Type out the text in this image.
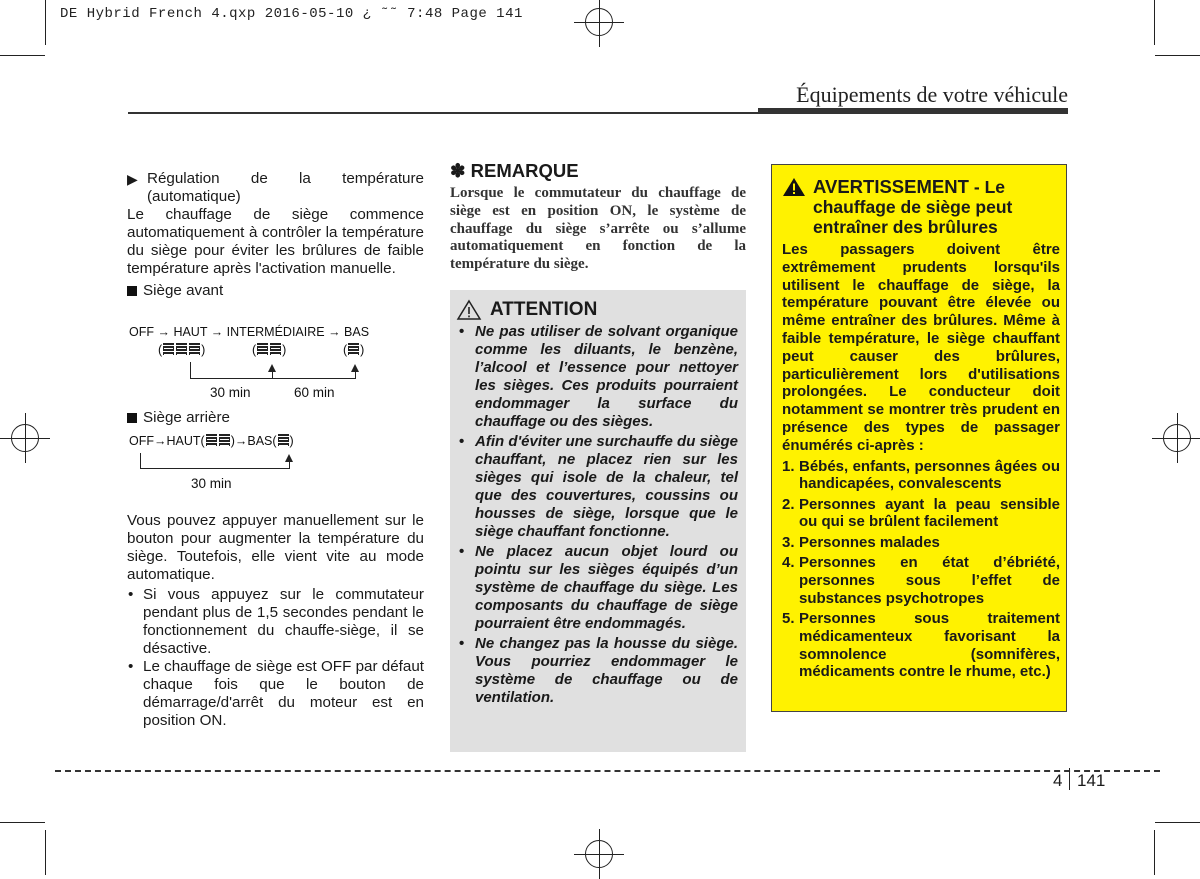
DE Hybrid French 4.qxp 2016-05-10 ¿ ˜˜ 7:48 Page 141
Équipements de votre véhicule
▶ Régulation de la température (automatique)

Le chauffage de siège commence automatiquement à contrôler la température du siège pour éviter les brûlures de faible température après l'activation manuelle.

Siège avant
OFF → HAUT → INTERMÉDIAIRE → BAS
(	)	( )	( )
30 min	60 min
Siège arrière
OFF→HAUT( )→BAS( )
30 min

Vous pouvez appuyer manuellement sur le bouton pour augmenter la température du siège. Toutefois, elle vient vite au mode automatique.

• Si vous appuyez sur le commutateur pendant plus de 1,5 secondes pendant le fonctionnement du chauffe-siège, il se désactive.
• Le chauffage de siège est OFF par défaut chaque fois que le bouton de démarrage/d'arrêt du moteur est en position ON.
✽ REMARQUE

Lorsque le commutateur du chauffage de siège est en position ON, le système de chauffage du siège s’arrête ou s’allume automatiquement en fonction de la température du siège.

ATTENTION
• Ne pas utiliser de solvant organique comme les diluants, le benzène, l’alcool et l’essence pour nettoyer les sièges. Ces produits pourraient endommager la surface du chauffage ou des sièges.
• Afin d'éviter une surchauffe du siège chauffant, ne placez rien sur les sièges qui isole de la chaleur, tel que des couvertures, coussins ou housses de siège, lorsque que le siège chauffant fonctionne.
• Ne placez aucun objet lourd ou pointu sur les sièges équipés d’un système de chauffage du siège. Les composants du chauffage de siège pourraient être endommagés.
• Ne changez pas la housse du siège. Vous pourriez endommager le système de chauffage ou de ventilation.
AVERTISSEMENT - Le
chauffage de siège peut
entraîner des brûlures

Les passagers doivent être extrêmement prudents lorsqu'ils utilisent le chauffage de siège, la température pouvant être élevée ou même entraîner des brûlures. Même à faible température, le siège chauffant peut causer des brûlures, particulièrement lors d'utilisations prolongées. Le conducteur doit notamment se montrer très prudent en présence des types de passager énumérés ci-après :

1. Bébés, enfants, personnes âgées ou handicapées, convalescents
2. Personnes ayant la peau sensible ou qui se brûlent facilement
3. Personnes malades
4. Personnes en état d’ébriété, personnes sous l’effet de substances psychotropes
5. Personnes sous traitement médicamenteux favorisant la somnolence (somnifères, médicaments contre le rhume, etc.)
4 141
